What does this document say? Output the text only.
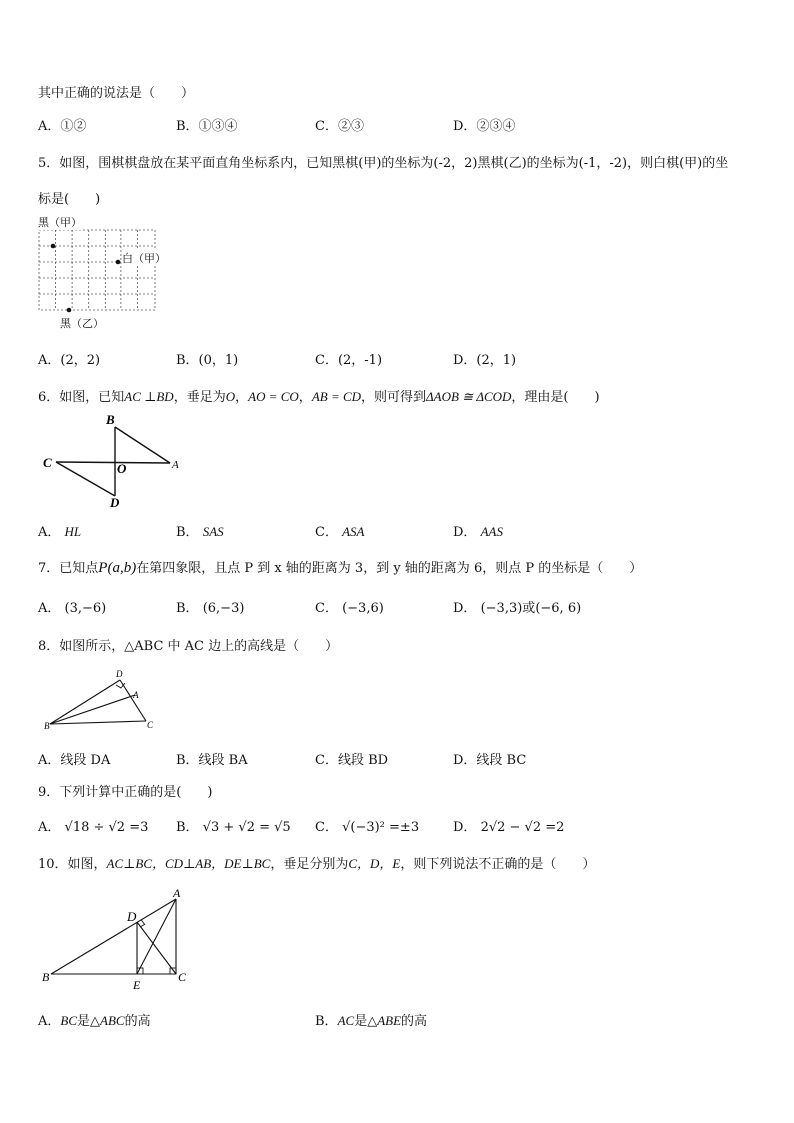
其中正确的说法是（　　）
A．①②	B．①③④	C．②③	D．②③④
5．如图，围棋棋盘放在某平面直角坐标系内，已知黑棋(甲)的坐标为(-2，2)黑棋(乙)的坐标为(-1，-2)，则白棋(甲)的坐
标是(　　)
黑（甲）
白（甲）
黑（乙）
A．(2，2)	B．(0，1)	C．(2，-1)	D．(2，1)
6．如图，已知AC ⊥BD，垂足为O，AO = CO，AB = CD，则可得到ΔAOB ≅ ΔCOD，理由是(　　)
B
C	O	A
D
A． HL	B． SAS	C． ASA	D． AAS
7．已知点P(a,b)在第四象限，且点 P 到 x 轴的距离为 3，到 y 轴的距离为 6，则点 P 的坐标是（　　）
A． (3,−6)	B． (6,−3)	C． (−3,6)	D． (−3,3)或(−6, 6)
8．如图所示，△ABC 中 AC 边上的高线是（　　）
D
A
B	C
A．线段 DA	B．线段 BA	C．线段 BD	D．线段 BC
9．下列计算中正确的是(　　)
A． √18 ÷ √2 =3 B． √3 + √2 = √5 C． √(−3)² =±3	D． 2√2 − √2 =2
10．如图，AC⊥BC，CD⊥AB，DE⊥BC，垂足分别为C，D，E，则下列说法不正确的是（　　）
A
D
B
E
C
A．BC是△ABC的高	B．AC是△ABE的高
